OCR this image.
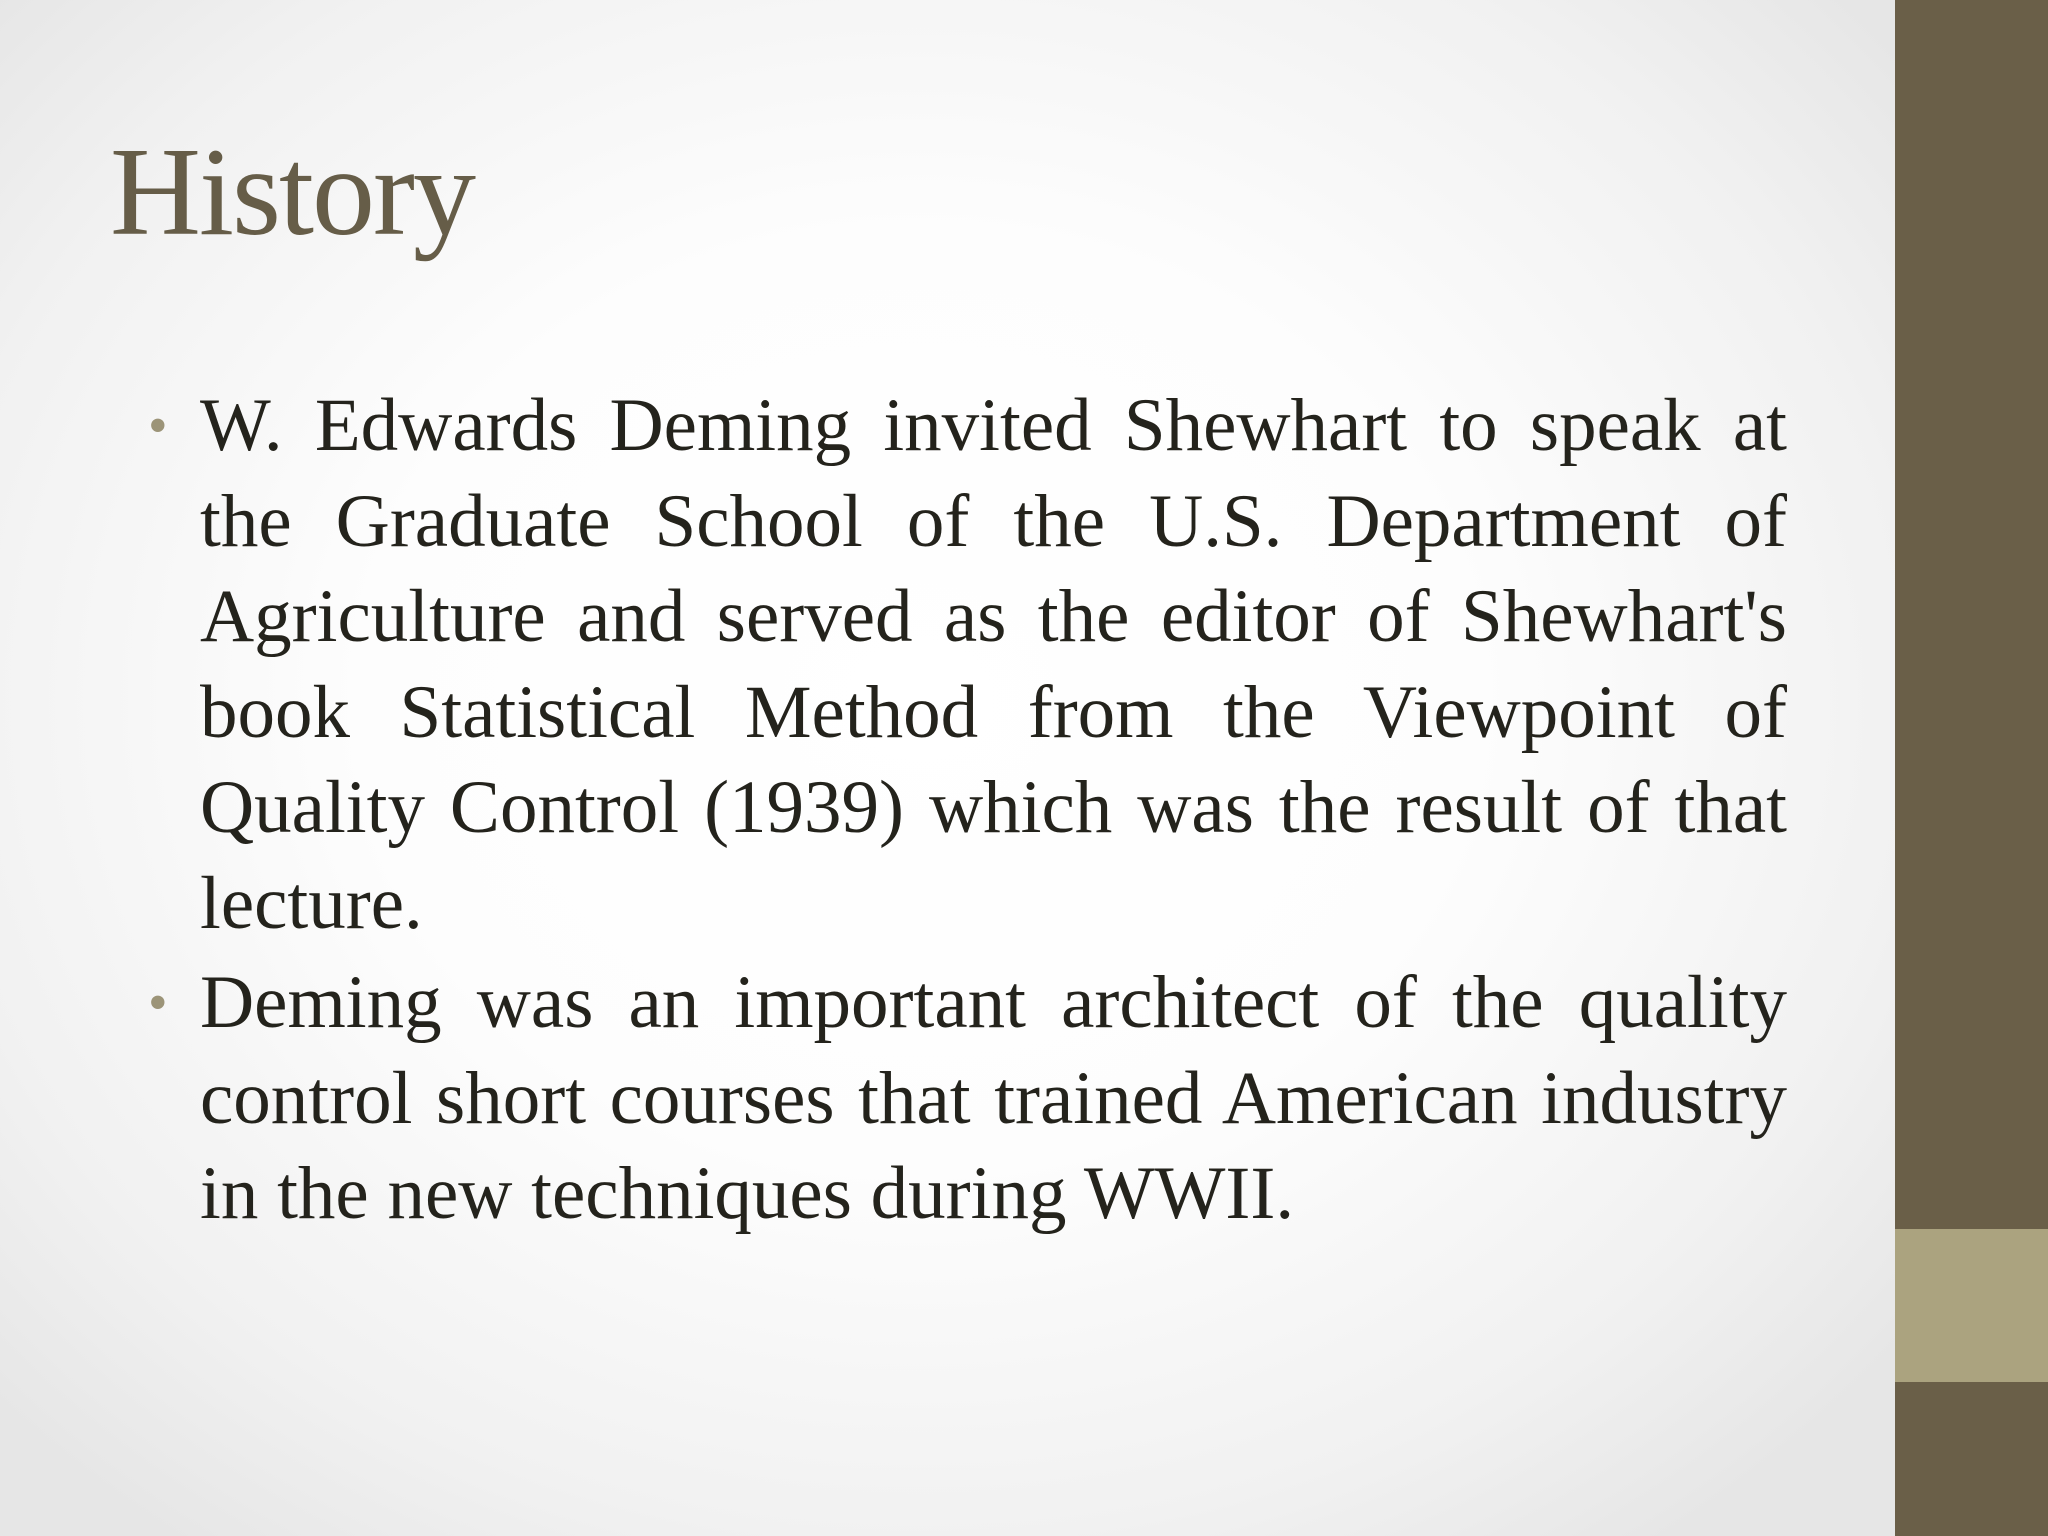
History
• W. Edwards Deming invited Shewhart to speak at the Graduate School of the U.S. Department of Agriculture and served as the editor of Shewhart's book Statistical Method from the Viewpoint of Quality Control (1939) which was the result of that lecture.
• Deming was an important architect of the quality control short courses that trained American industry in the new techniques during WWII.
